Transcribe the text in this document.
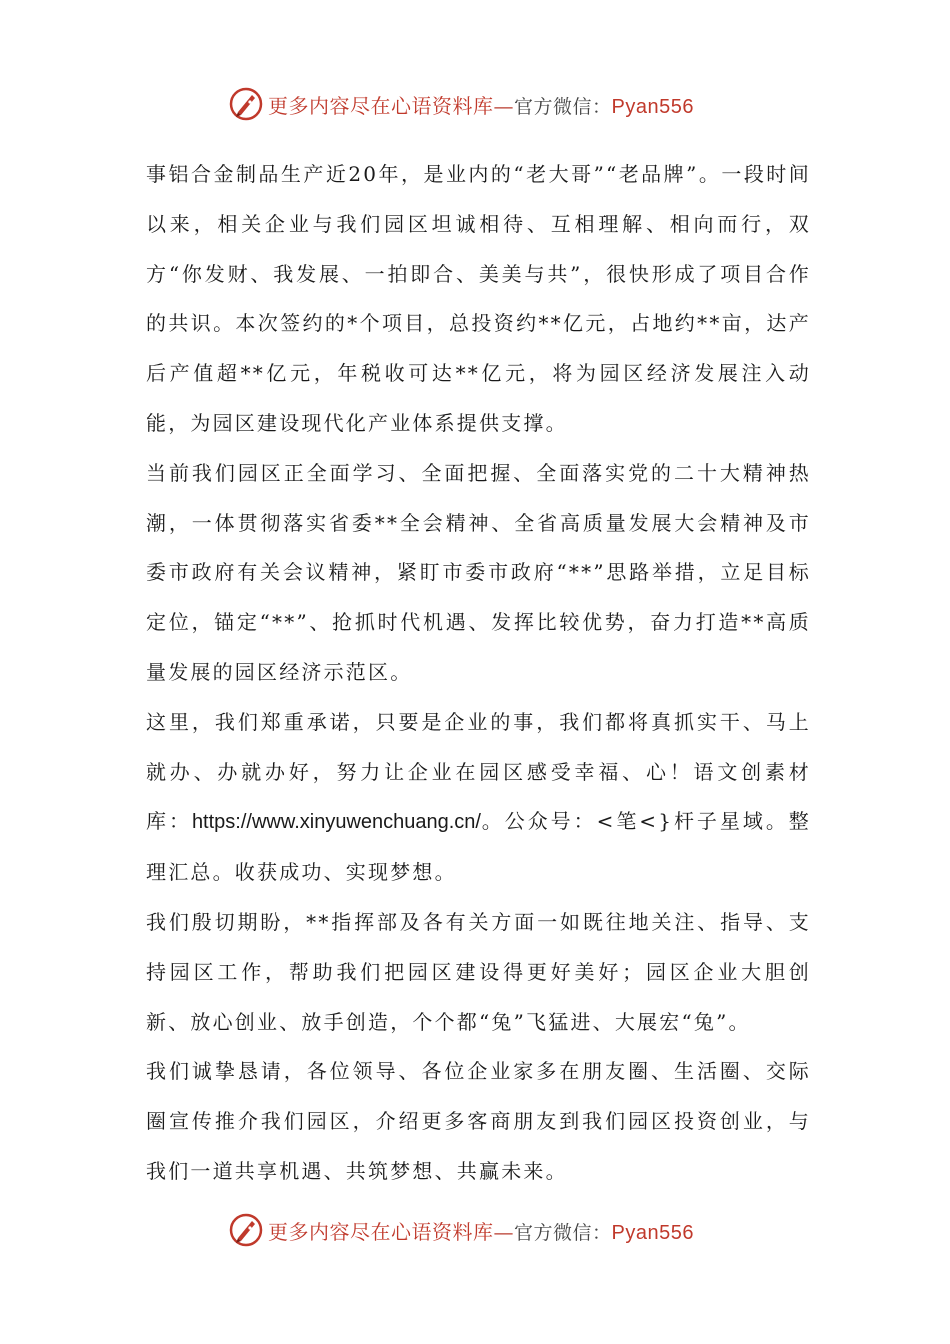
更多内容尽在心语资料库—官方微信：Pyan556

事铝合金制品生产近20年，是业内的“老大哥”“老品牌”。一段时间以来，相关企业与我们园区坦诚相待、互相理解、相向而行，双方“你发财、我发展、一拍即合、美美与共”，很快形成了项目合作的共识。本次签约的*个项目，总投资约**亿元，占地约**亩，达产后产值超**亿元，年税收可达**亿元，将为园区经济发展注入动能，为园区建设现代化产业体系提供支撑。

当前我们园区正全面学习、全面把握、全面落实党的二十大精神热潮，一体贯彻落实省委**全会精神、全省高质量发展大会精神及市委市政府有关会议精神，紧盯市委市政府“**”思路举措，立足目标定位，锚定“**”、抢抓时代机遇、发挥比较优势，奋力打造**高质量发展的园区经济示范区。

这里，我们郑重承诺，只要是企业的事，我们都将真抓实干、马上就办、办就办好，努力让企业在园区感受幸福、心！语文创素材库：https://www.xinyuwenchuang.cn/。公众号：<笔<}杆子星域。整理汇总。收获成功、实现梦想。

我们殷切期盼，**指挥部及各有关方面一如既往地关注、指导、支持园区工作，帮助我们把园区建设得更好美好；园区企业大胆创新、放心创业、放手创造，个个都“兔”飞猛进、大展宏“兔”。

我们诚挚恳请，各位领导、各位企业家多在朋友圈、生活圈、交际圈宣传推介我们园区，介绍更多客商朋友到我们园区投资创业，与我们一道共享机遇、共筑梦想、共赢未来。

更多内容尽在心语资料库—官方微信：Pyan556
